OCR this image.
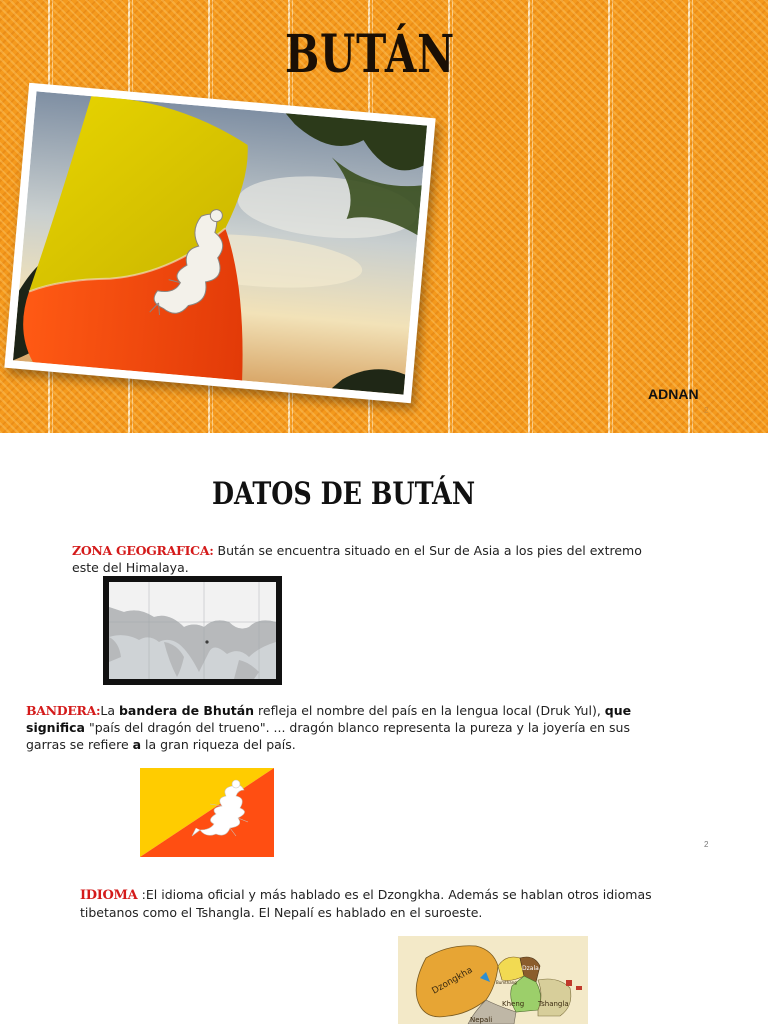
BUTÁN
ADNAN
2
DATOS DE BUTÁN
ZONA GEOGRAFICA: Bután se encuentra situado en el Sur de Asia a los pies del extremo este del Himalaya.
BANDERA:La bandera de Bhután refleja el nombre del país en la lengua local (Druk Yul), que significa "país del dragón del trueno". ... dragón blanco representa la pureza y la joyería en sus garras se refiere a la gran riqueza del país.
2
IDIOMA :El idioma oficial y más hablado es el Dzongkha. Además se hablan otros idiomas tibetanos como el Tshangla. El Nepalí es hablado en el suroeste.
Dzongkha	Dzala
Bumthang
Kheng Tshangla
Nepali
